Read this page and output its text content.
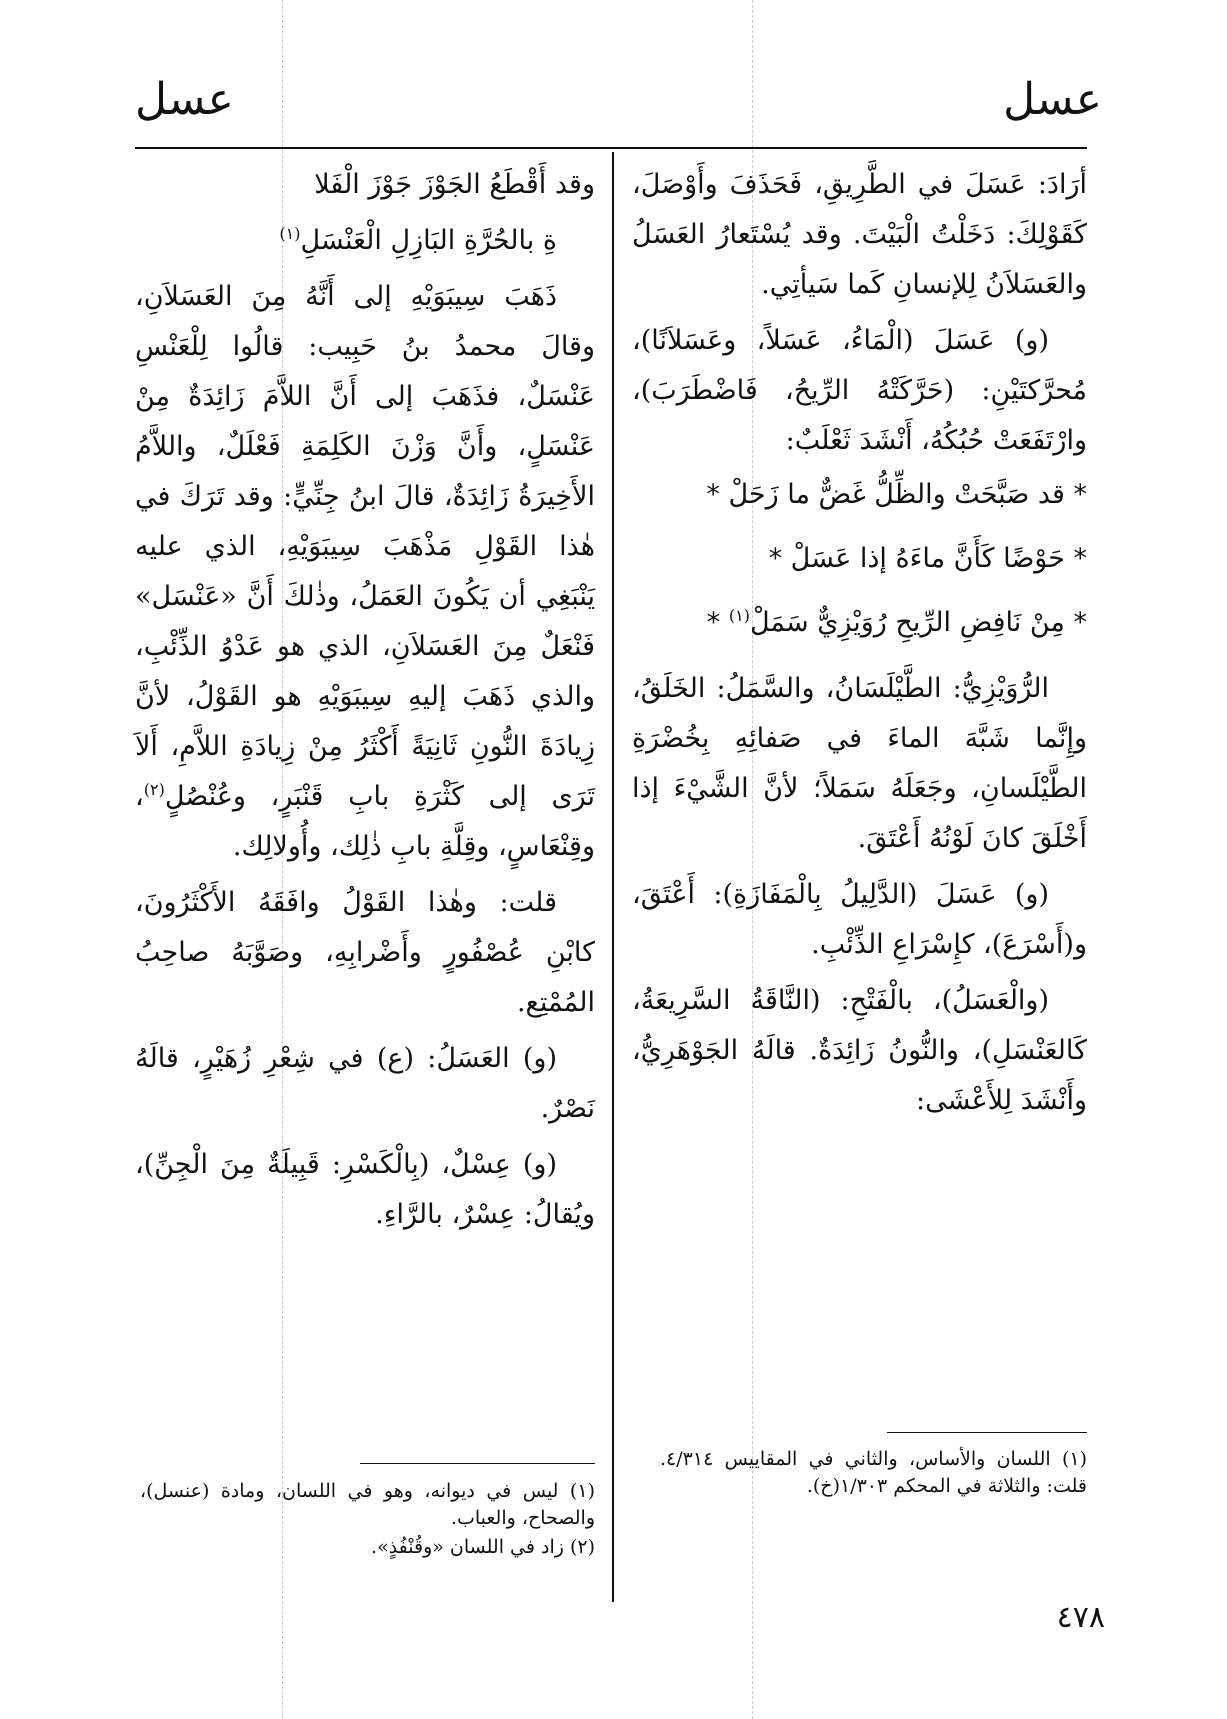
عسل
عسل

أرَادَ: عَسَلَ في الطَّرِيقِ، فَحَذَفَ وأَوْصَلَ، كَقَوْلِكَ: دَخَلْتُ الْبَيْتَ. وقد يُسْتَعارُ العَسَلُ والعَسَلاَنُ لِلإنسانِ كَما سَيأتِي.

(و) عَسَلَ (الْمَاءُ، عَسَلاً، وعَسَلاَنًا)، مُحرَّكتَيْنِ: (حَرَّكَتْهُ الرِّيحُ، فَاضْطَرَبَ)، وارْتَفَعَتْ حُبُكُهُ، أَنْشَدَ ثَعْلَبٌ:

* قد صَبَّحَتْ والظِّلُّ غَضٌّ ما زَحَلْ *

* حَوْضًا كَأَنَّ ماءَهُ إذا عَسَلْ *

* مِنْ نَافِضِ الرِّيحِ رُوَيْزِيٌّ سَمَلْ$^{(١)}$ *

الرُّوَيْزِيُّ: الطَّيْلَسَانُ، والسَّمَلُ: الخَلَقُ، وإِنَّما شَبَّهَ الماءَ في صَفائِهِ بِخُضْرَةِ الطَّيْلَسانِ، وجَعَلَهُ سَمَلاً؛ لأنَّ الشَّيْءَ إذا أَخْلَقَ كانَ لَوْنُهُ أَعْتَقَ.

(و) عَسَلَ (الدَّلِيلُ بِالْمَفَازَةِ): أَعْتَقَ، و(أَسْرَعَ)، كإِسْرَاعِ الذِّئْبِ.

(والْعَسَلُ)، بالْفَتْحِ: (النَّاقَةُ السَّرِيعَةُ، كَالعَنْسَلِ)، والنُّونُ زَائِدَةٌ. قالَهُ الجَوْهَرِيُّ، وأَنْشَدَ لِلأَعْشَى:

وقد أَقْطَعُ الجَوْزَ جَوْزَ الْفَلا

ةِ بالحُرَّةِ البَازِلِ الْعَنْسَلِ$^{(١)}$

ذَهَبَ سِيبَوَيْهِ إلى أَنَّهُ مِنَ العَسَلاَنِ، وقالَ محمدُ بنُ حَبِيب: قالُوا لِلْعَنْسِ عَنْسَلٌ، فذَهَبَ إلى أَنَّ اللاَّمَ زَائِدَةٌ مِنْ عَنْسَلٍ، وأَنَّ وَزْنَ الكَلِمَةِ فَعْلَلٌ، واللاَّمُ الأَخِيرَةُ زَائِدَةٌ، قالَ ابنُ جِنِّيٍّ: وقد تَرَكَ في هٰذا القَوْلِ مَذْهَبَ سِيبَوَيْهِ، الذي عليه يَنْبَغِي أن يَكُونَ العَمَلُ، وذٰلكَ أَنَّ «عَنْسَل» فَنْعَلٌ مِنَ العَسَلاَنِ، الذي هو عَدْوُ الذِّئْبِ، والذي ذَهَبَ إليهِ سِيبَوَيْهِ هو القَوْلُ، لأنَّ زِيادَةَ النُّونِ ثَانِيَةً أَكْثَرُ مِنْ زِيادَةِ اللاَّمِ، أَلاَ تَرَى إلى كَثْرَةِ بابِ قَنْبَرٍ، وعُنْصُلٍ$^{(٢)}$، وقِنْعَاسٍ، وقِلَّةِ بابِ ذٰلِك، وأُولالِك.

قلت: وهٰذا القَوْلُ وافَقَهُ الأَكْثَرُونَ، كابْنِ عُصْفُورٍ وأَضْرابِهِ، وصَوَّبَهُ صاحِبُ المُمْتِع.

(و) العَسَلُ: (ع) في شِعْرِ زُهَيْرٍ، قالَهُ نَصْرٌ.

(و) عِسْلٌ، (بِالْكَسْرِ: قَبِيلَةٌ مِنَ الْجِنِّ)، ويُقالُ: عِسْرٌ، بالرَّاءِ.

(١) اللسان والأساس، والثاني في المقاييس ٤/٣١٤. قلت: والثلاثة في المحكم ١/٣٠٣(خ).

(١) ليس في ديوانه، وهو في اللسان، ومادة (عنسل)، والصحاح، والعباب.

(٢) زاد في اللسان «وقُنْفُذٍ».

٤٧٨
